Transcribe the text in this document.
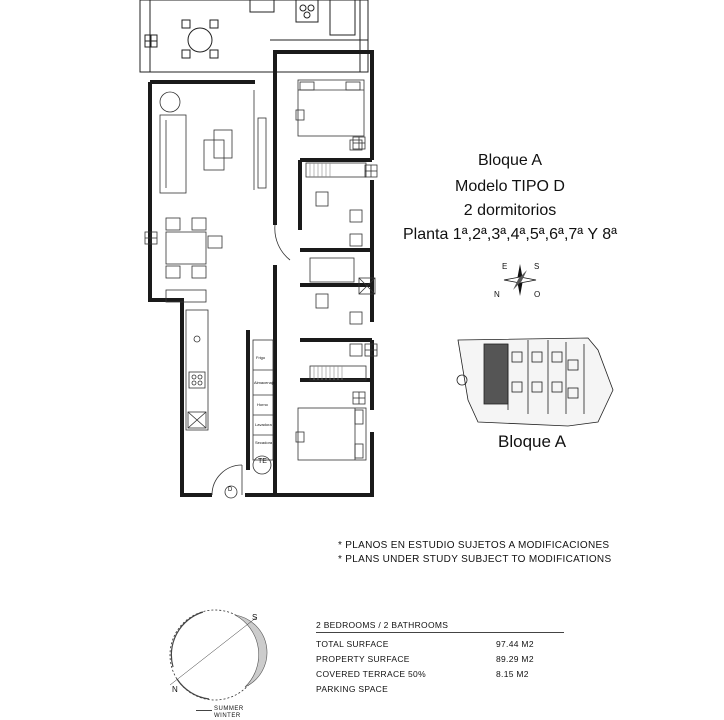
TE
D
Frigo
Almacenaje
Horno
Lavadora
Secadora
Bloque A
Modelo TIPO D
2 dormitorios
Planta 1ª,2ª,3ª,4ª,5ª,6ª,7ª Y 8ª
S
N
E
O
Bloque A
* PLANOS EN ESTUDIO SUJETOS A MODIFICACIONES
* PLANS UNDER STUDY SUBJECT TO MODIFICATIONS
2 BEDROOMS / 2 BATHROOMS
TOTAL SURFACE	97.44 M2
PROPERTY SURFACE	89.29 M2
COVERED TERRACE 50%	8.15 M2
PARKING SPACE
S
N
SUMMER
WINTER
